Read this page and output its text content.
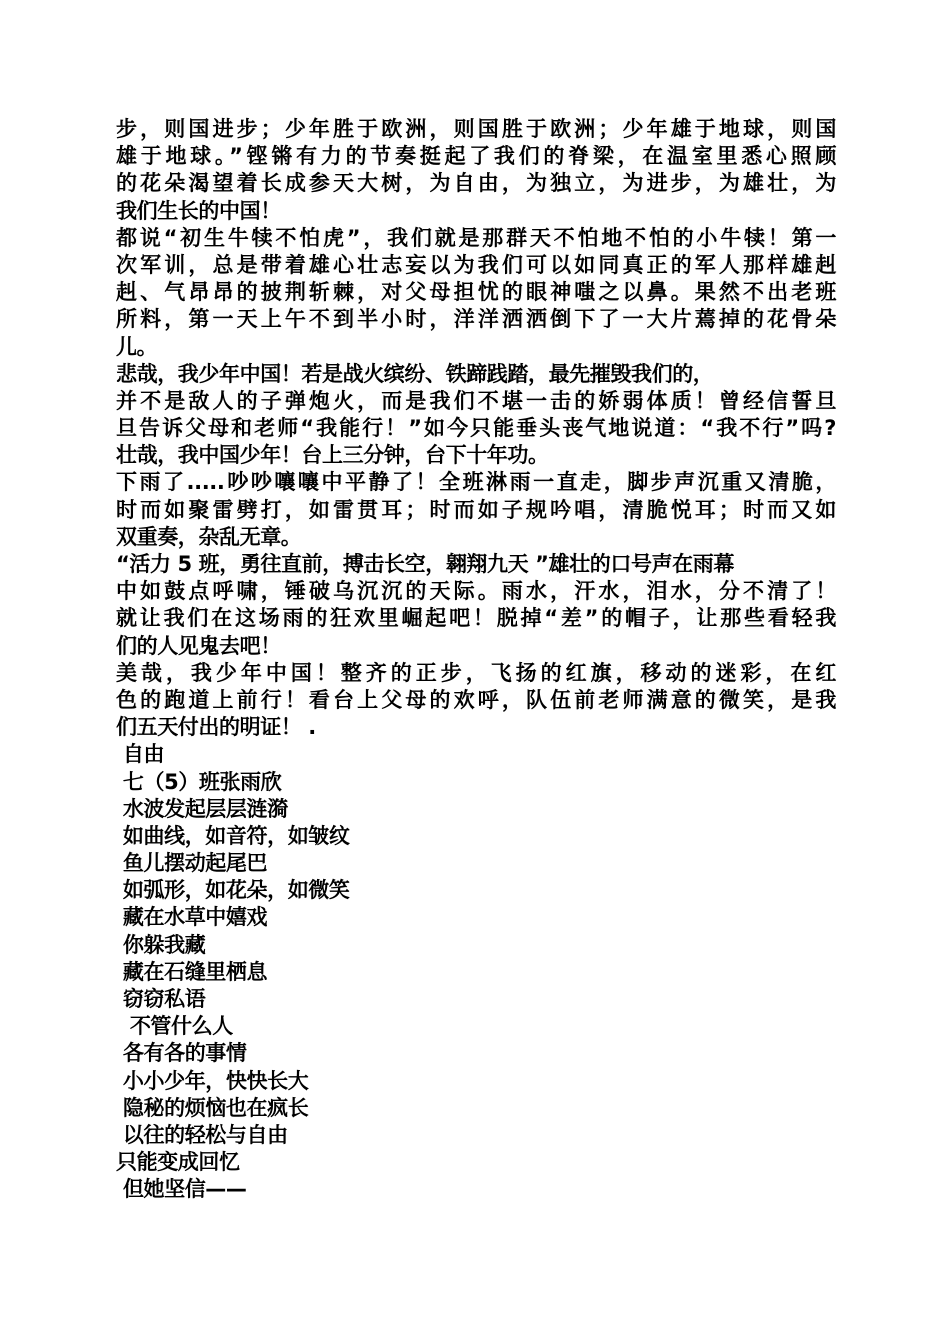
步，则国进步；少年胜于欧洲，则国胜于欧洲；少年雄于地球，则国
雄于地球。”铿锵有力的节奏挺起了我们的脊梁，在温室里悉心照顾
的花朵渴望着长成参天大树，为自由，为独立，为进步，为雄壮，为
我们生长的中国！
都说“初生牛犊不怕虎”，我们就是那群天不怕地不怕的小牛犊！第一
次军训，总是带着雄心壮志妄以为我们可以如同真正的军人那样雄赳
赳、气昂昂的披荆斩棘，对父母担忧的眼神嗤之以鼻。果然不出老班
所料，第一天上午不到半小时，洋洋洒洒倒下了一大片蔫掉的花骨朵
儿。
悲哉，我少年中国！若是战火缤纷、铁蹄践踏，最先摧毁我们的，
并不是敌人的子弹炮火，而是我们不堪一击的娇弱体质！曾经信誓旦
旦告诉父母和老师“我能行！”如今只能垂头丧气地说道：“我不行”吗?
壮哉，我中国少年！台上三分钟，台下十年功。
下雨了.....吵吵嚷嚷中平静了！全班淋雨一直走，脚步声沉重又清脆，
时而如聚雷劈打，如雷贯耳；时而如子规吟唱，清脆悦耳；时而又如
双重奏，杂乱无章。
“活力 5 班，勇往直前，搏击长空，翱翔九天 ”雄壮的口号声在雨幕
中如鼓点呼啸，锤破乌沉沉的天际。雨水，汗水，泪水，分不清了！
就让我们在这场雨的狂欢里崛起吧！脱掉“差”的帽子，让那些看轻我
们的人见鬼去吧！
美哉，我少年中国！整齐的正步，飞扬的红旗，移动的迷彩，在红
色的跑道上前行！看台上父母的欢呼，队伍前老师满意的微笑，是我
们五天付出的明证！ .
自由
七（5）班张雨欣
水波发起层层涟漪
如曲线，如音符，如皱纹
鱼儿摆动起尾巴
如弧形，如花朵，如微笑
藏在水草中嬉戏
你躲我藏
藏在石缝里栖息
窃窃私语
不管什么人
各有各的事情
小小少年，快快长大
隐秘的烦恼也在疯长
以往的轻松与自由
只能变成回忆
但她坚信——
